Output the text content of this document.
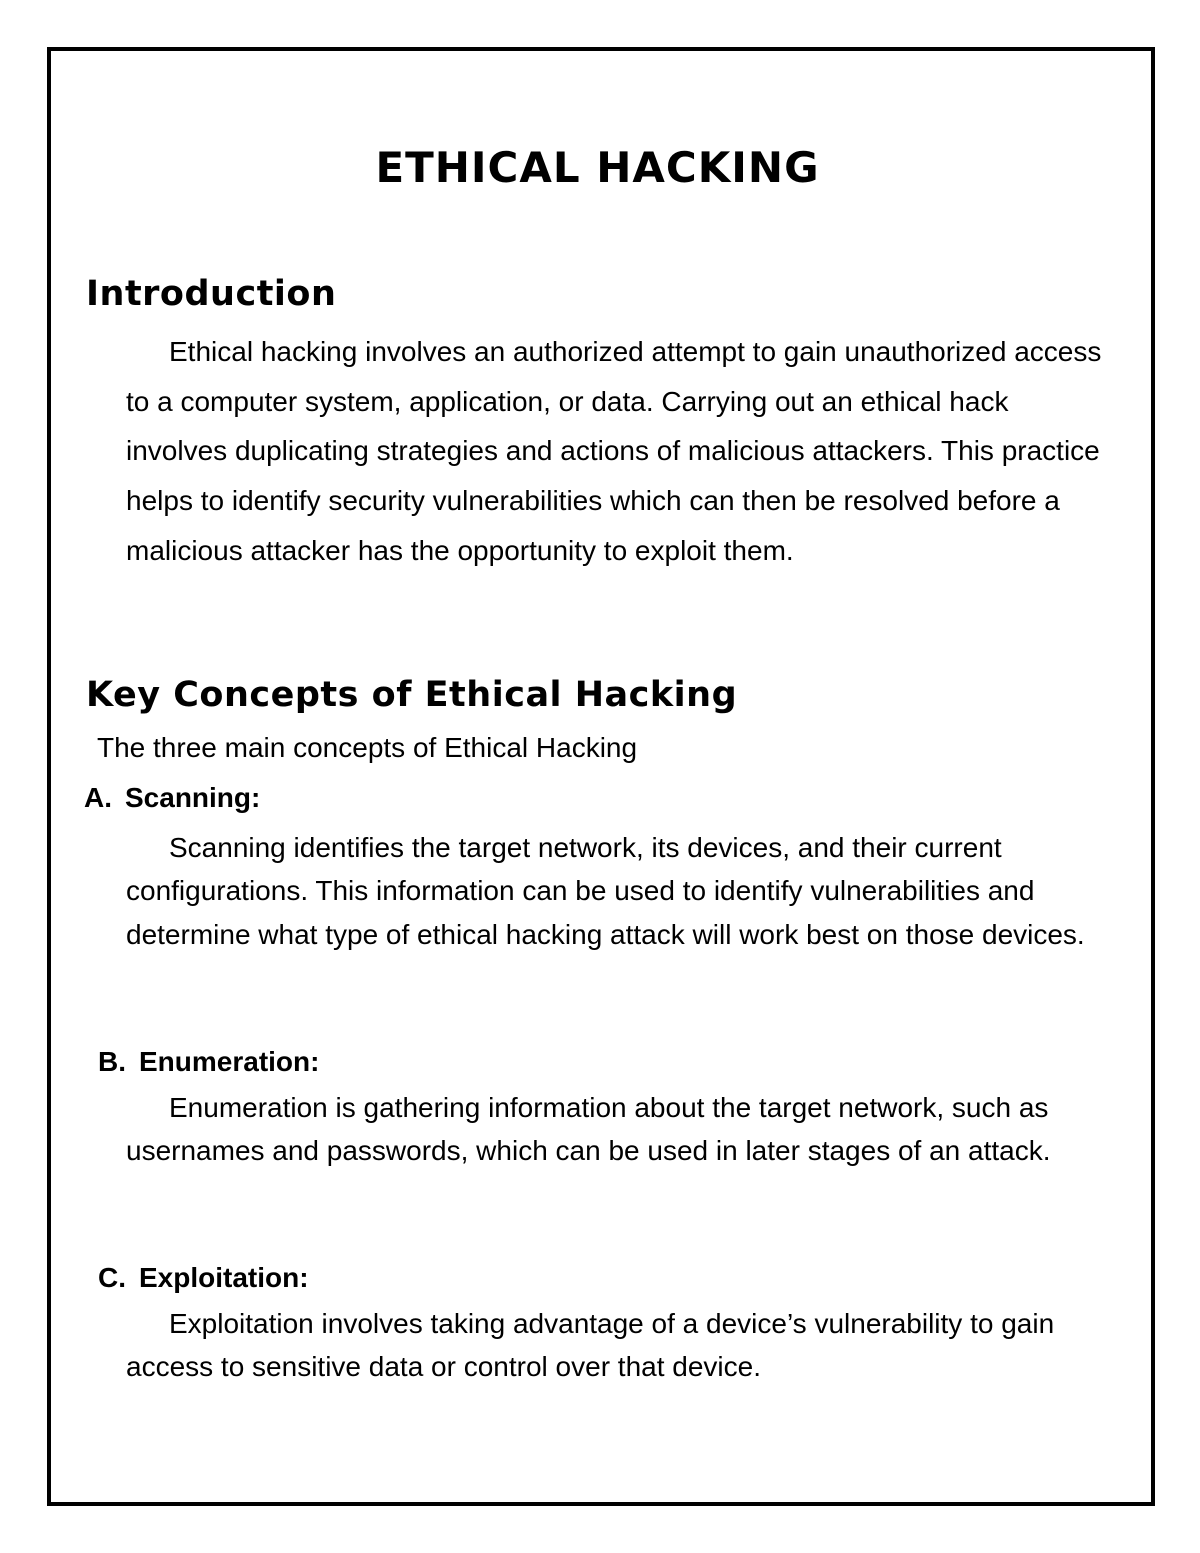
ETHICAL HACKING
Introduction

Ethical hacking involves an authorized attempt to gain unauthorized access to a computer system, application, or data. Carrying out an ethical hack involves duplicating strategies and actions of malicious attackers. This practice helps to identify security vulnerabilities which can then be resolved before a malicious attacker has the opportunity to exploit them.

Key Concepts of Ethical Hacking

The three main concepts of Ethical Hacking

A. Scanning:

Scanning identifies the target network, its devices, and their current configurations. This information can be used to identify vulnerabilities and determine what type of ethical hacking attack will work best on those devices.

B. Enumeration:

Enumeration is gathering information about the target network, such as usernames and passwords, which can be used in later stages of an attack.

C. Exploitation:

Exploitation involves taking advantage of a device’s vulnerability to gain access to sensitive data or control over that device.
